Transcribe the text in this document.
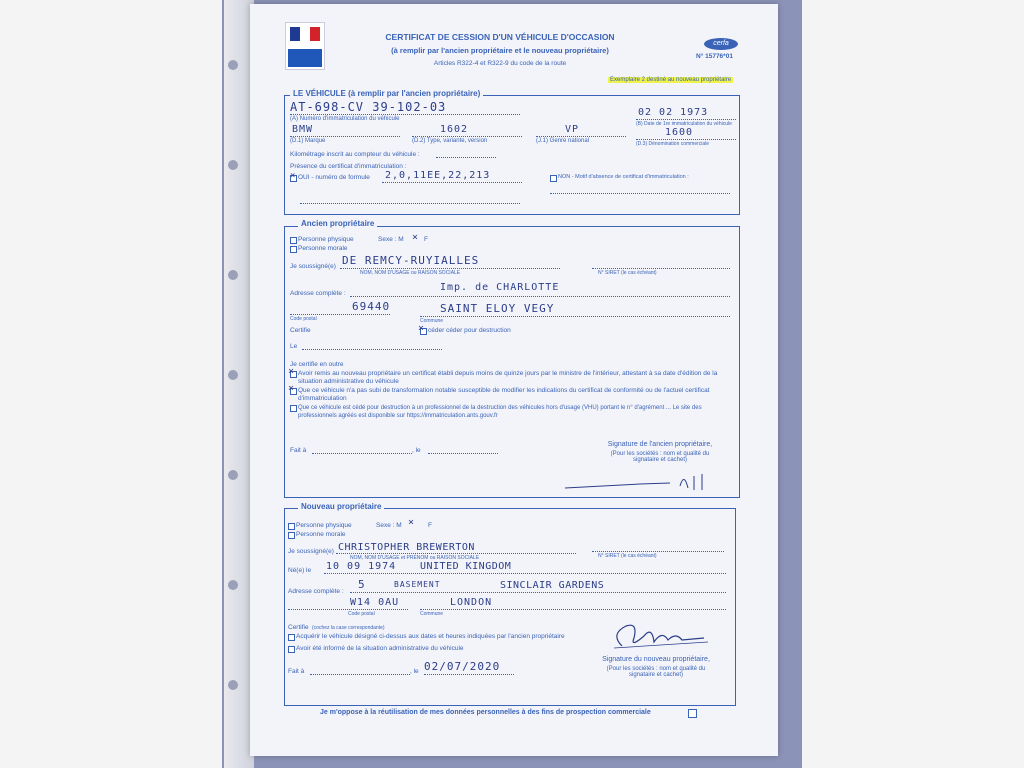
CERTIFICAT DE CESSION D'UN VÉHICULE D'OCCASION
(à remplir par l'ancien propriétaire et le nouveau propriétaire)
Articles R322-4 et R322-9 du code de la route
cerfa
N° 15776*01
Exemplaire 2 destiné au nouveau propriétaire
LE VÉHICULE (à remplir par l'ancien propriétaire)
AT-698-CV 39-102-03	02 02 1973
(A) Numéro d'immatriculation du véhicule
(B) Date de 1re immatriculation du véhicule
BMW	1602	VP	1600
(D.1) Marque	(D.2) Type, variante, version	(J.1) Genre national	(D.3) Dénomination commerciale
Kilométrage inscrit au compteur du véhicule :
Présence du certificat d'immatriculation :
× OUI - numéro de formule 2,0,11EE,22,213	NON - Motif d'absence de certificat d'immatriculation :
Ancien propriétaire
Personne physique	Sexe : M × F
Personne morale
Je soussigné(e) DE REMCY-RUYIALLES
NOM, NOM D'USAGE ou RAISON SOCIALE	N° SIRET (le cas échéant)
Adresse complète :
Imp. de CHARLOTTE
69440	SAINT ELOY VEGY
Code postal	Commune
Certifie	× céder céder pour destruction
Le
Je certifie en outre
× Avoir remis au nouveau propriétaire un certificat établi depuis moins de quinze jours par le ministre de l'intérieur, attestant à sa date d'édition de la situation administrative du véhicule
× Que ce véhicule n'a pas subi de transformation notable susceptible de modifier les indications du certificat de conformité ou de l'actuel certificat d'immatriculation
Que ce véhicule est cédé pour destruction à un professionnel de la destruction des véhicules hors d'usage (VHU) portant le n° d'agrément ... Le site des professionnels agréés est disponible sur https://immatriculation.ants.gouv.fr
Fait à	, le
Signature de l'ancien propriétaire,
(Pour les sociétés : nom et qualité du signataire et cachet)
Nouveau propriétaire
Personne physique	Sexe : M × F
Personne morale
Je soussigné(e) CHRISTOPHER BREWERTON
NOM, NOM D'USAGE et PRÉNOM ou RAISON SOCIALE	N° SIRET (le cas échéant)
Né(e) le 10 09 1974 UNITED KINGDOM
Adresse complète :
5	BASEMENT	SINCLAIR GARDENS
W14 0AU	LONDON
Code postal	Commune
Certifie (cochez la case correspondante)
Acquérir le véhicule désigné ci-dessus aux dates et heures indiquées par l'ancien propriétaire
Avoir été informé de la situation administrative du véhicule
Signature du nouveau propriétaire,
(Pour les sociétés : nom et qualité du signataire et cachet)
Fait à	, le 02/07/2020
Je m'oppose à la réutilisation de mes données personnelles à des fins de prospection commerciale
